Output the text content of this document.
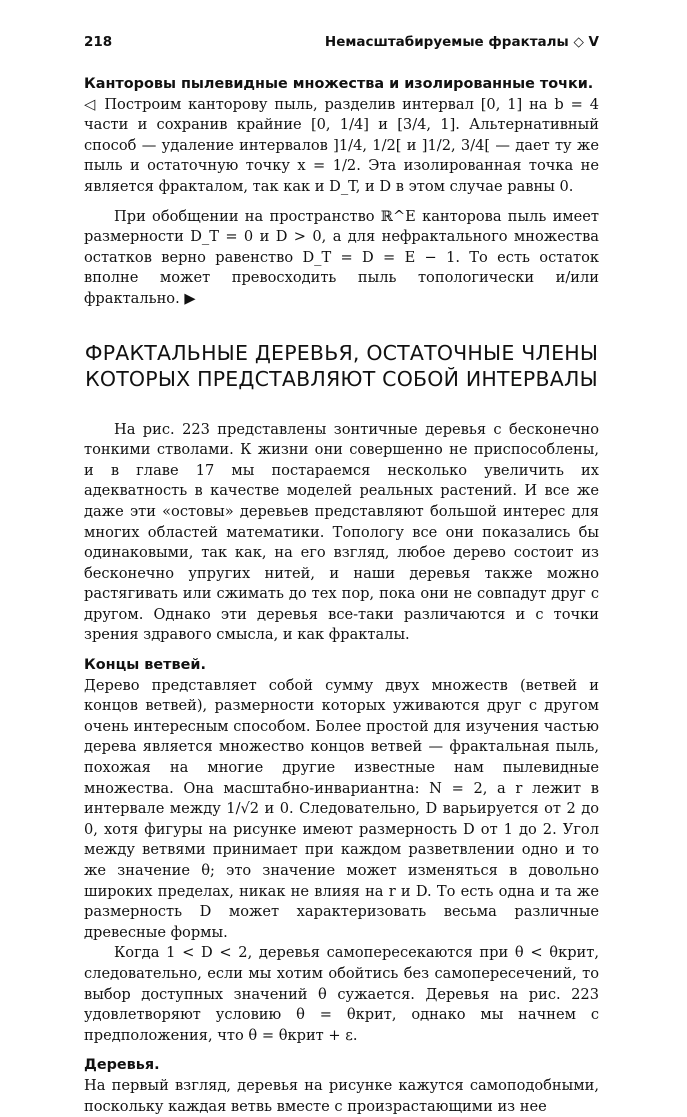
218	Немасштабируемые фракталы ◇ V

Канторовы пылевидные множества и изолированные точки.

◁ Построим канторову пыль, разделив интервал [0, 1] на b = 4 части и сохранив крайние [0, 1/4] и [3/4, 1]. Альтернативный способ — удаление интервалов ]1/4, 1/2[ и ]1/2, 3/4[ — дает ту же пыль и остаточную точку x = 1/2. Эта изолированная точка не является фракталом, так как и D_T, и D в этом случае равны 0.

При обобщении на пространство ℝ^E канторова пыль имеет размерности D_T = 0 и D > 0, а для нефрактального множества остатков верно равенство D_T = D = E − 1. То есть остаток вполне может превосходить пыль топологически и/или фрактально. ▶

ФРАКТАЛЬНЫЕ ДЕРЕВЬЯ, ОСТАТОЧНЫЕ ЧЛЕНЫ
КОТОРЫХ ПРЕДСТАВЛЯЮТ СОБОЙ ИНТЕРВАЛЫ

На рис. 223 представлены зонтичные деревья с бесконечно тонкими стволами. К жизни они совершенно не приспособлены, и в главе 17 мы постараемся несколько увеличить их адекватность в качестве моделей реальных растений. И все же даже эти «остовы» деревьев представляют большой интерес для многих областей математики. Топологу все они показались бы одинаковыми, так как, на его взгляд, любое дерево состоит из бесконечно упругих нитей, и наши деревья также можно растягивать или сжимать до тех пор, пока они не совпадут друг с другом. Однако эти деревья все-таки различаются и с точки зрения здравого смысла, и как фракталы.

Концы ветвей.

Дерево представляет собой сумму двух множеств (ветвей и концов ветвей), размерности которых уживаются друг с другом очень интересным способом. Более простой для изучения частью дерева является множество концов ветвей — фрактальная пыль, похожая на многие другие известные нам пылевидные множества. Она масштабно-инвариантна: N = 2, а r лежит в интервале между 1/√2 и 0. Следовательно, D варьируется от 2 до 0, хотя фигуры на рисунке имеют размерность D от 1 до 2. Угол между ветвями принимает при каждом разветвлении одно и то же значение θ; это значение может изменяться в довольно широких пределах, никак не влияя на r и D. То есть одна и та же размерность D может характеризовать весьма различные древесные формы.

Когда 1 < D < 2, деревья самопересекаются при θ < θкрит, следовательно, если мы хотим обойтись без самопересечений, то выбор доступных значений θ сужается. Деревья на рис. 223 удовлетворяют условию θ = θкрит, однако мы начнем с предположения, что θ = θкрит + ε.

Деревья.

На первый взгляд, деревья на рисунке кажутся самоподобными, поскольку каждая ветвь вместе с произрастающими из нее
